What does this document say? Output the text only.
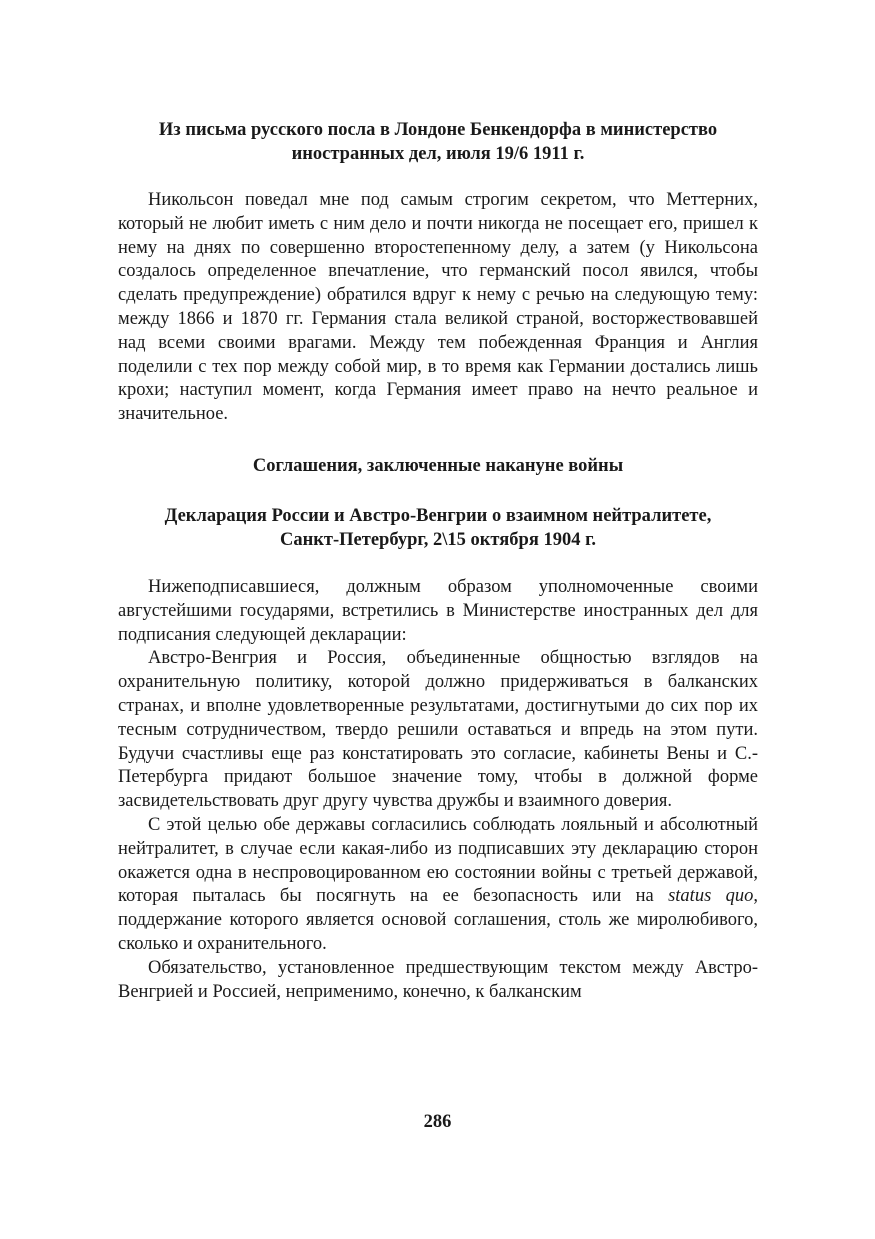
Из письма русского посла в Лондоне Бенкендорфа в министерство
иностранных дел, июля 19/6 1911 г.

Никольсон поведал мне под самым строгим секретом, что Меттерних, который не любит иметь с ним дело и почти никогда не посещает его, пришел к нему на днях по совершенно второстепенному делу, а затем (у Никольсона создалось определенное впечатление, что германский посол явился, чтобы сделать предупреждение) обратился вдруг к нему с речью на следующую тему: между 1866 и 1870 гг. Германия стала великой страной, восторжествовавшей над всеми своими врагами. Между тем побежденная Франция и Англия поделили с тех пор между собой мир, в то время как Германии достались лишь крохи; наступил момент, когда Германия имеет право на нечто реальное и значительное.

Соглашения, заключенные накануне войны
Декларация России и Австро-Венгрии о взаимном нейтралитете,
Санкт-Петербург, 2\15 октября 1904 г.

Нижеподписавшиеся, должным образом уполномоченные своими августейшими государями, встретились в Министерстве иностранных дел для подписания следующей декларации:

Австро-Венгрия и Россия, объединенные общностью взглядов на охранительную политику, которой должно придерживаться в балканских странах, и вполне удовлетворенные результатами, достигнутыми до сих пор их тесным сотрудничеством, твердо решили оставаться и впредь на этом пути. Будучи счастливы еще раз констатировать это согласие, кабинеты Вены и С.-Петербурга придают большое значение тому, чтобы в должной форме засвидетельствовать друг другу чувства дружбы и взаимного доверия.

С этой целью обе державы согласились соблюдать лояльный и абсолютный нейтралитет, в случае если какая-либо из подписавших эту декларацию сторон окажется одна в неспровоцированном ею состоянии войны с третьей державой, которая пыталась бы посягнуть на ее безопасность или на status quo, поддержание которого является основой соглашения, столь же миролюбивого, сколько и охранительного.

Обязательство, установленное предшествующим текстом между Австро-Венгрией и Россией, неприменимо, конечно, к балканским

286
